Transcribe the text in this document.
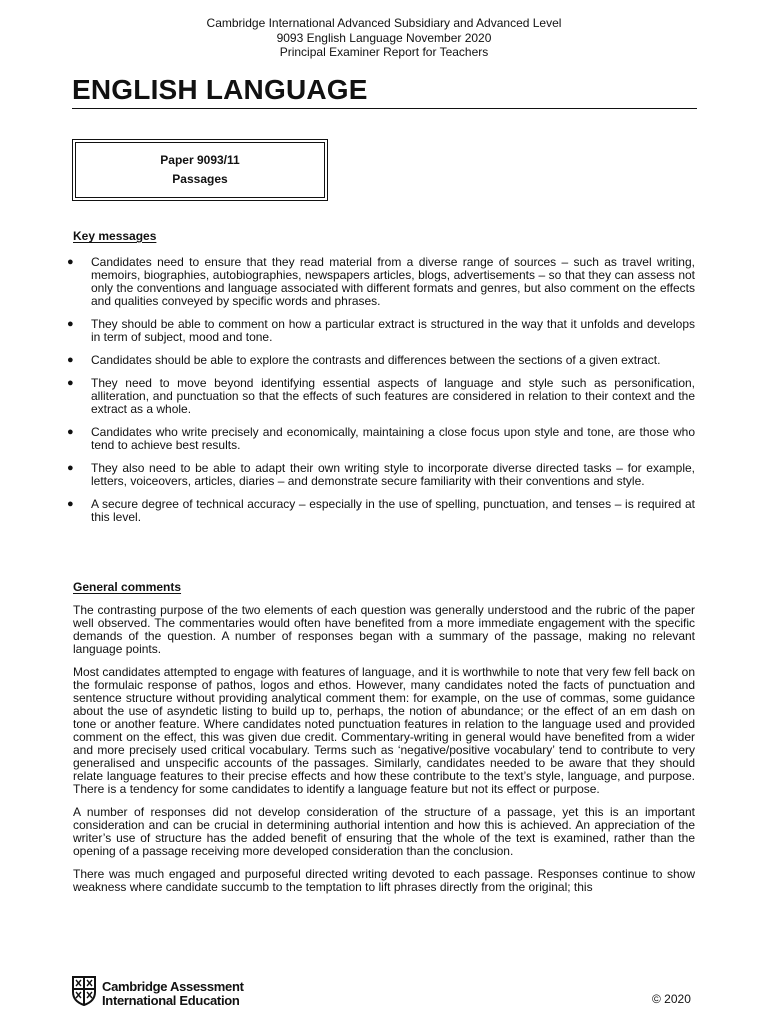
Cambridge International Advanced Subsidiary and Advanced Level
9093 English Language November 2020
Principal Examiner Report for Teachers
ENGLISH LANGUAGE
Paper 9093/11
Passages
Key messages
● Candidates need to ensure that they read material from a diverse range of sources – such as travel writing, memoirs, biographies, autobiographies, newspapers articles, blogs, advertisements – so that they can assess not only the conventions and language associated with different formats and genres, but also comment on the effects and qualities conveyed by specific words and phrases.
● They should be able to comment on how a particular extract is structured in the way that it unfolds and develops in term of subject, mood and tone.
● Candidates should be able to explore the contrasts and differences between the sections of a given extract.
● They need to move beyond identifying essential aspects of language and style such as personification, alliteration, and punctuation so that the effects of such features are considered in relation to their context and the extract as a whole.
● Candidates who write precisely and economically, maintaining a close focus upon style and tone, are those who tend to achieve best results.
● They also need to be able to adapt their own writing style to incorporate diverse directed tasks – for example, letters, voiceovers, articles, diaries – and demonstrate secure familiarity with their conventions and style.
● A secure degree of technical accuracy – especially in the use of spelling, punctuation, and tenses – is required at this level.
General comments

The contrasting purpose of the two elements of each question was generally understood and the rubric of the paper well observed. The commentaries would often have benefited from a more immediate engagement with the specific demands of the question. A number of responses began with a summary of the passage, making no relevant language points.

Most candidates attempted to engage with features of language, and it is worthwhile to note that very few fell back on the formulaic response of pathos, logos and ethos. However, many candidates noted the facts of punctuation and sentence structure without providing analytical comment them: for example, on the use of commas, some guidance about the use of asyndetic listing to build up to, perhaps, the notion of abundance; or the effect of an em dash on tone or another feature. Where candidates noted punctuation features in relation to the language used and provided comment on the effect, this was given due credit. Commentary-writing in general would have benefited from a wider and more precisely used critical vocabulary. Terms such as ‘negative/positive vocabulary’ tend to contribute to very generalised and unspecific accounts of the passages. Similarly, candidates needed to be aware that they should relate language features to their precise effects and how these contribute to the text’s style, language, and purpose. There is a tendency for some candidates to identify a language feature but not its effect or purpose.

A number of responses did not develop consideration of the structure of a passage, yet this is an important consideration and can be crucial in determining authorial intention and how this is achieved. An appreciation of the writer’s use of structure has the added benefit of ensuring that the whole of the text is examined, rather than the opening of a passage receiving more developed consideration than the conclusion.

There was much engaged and purposeful directed writing devoted to each passage. Responses continue to show weakness where candidate succumb to the temptation to lift phrases directly from the original; this

Cambridge Assessment
International Education	© 2020
